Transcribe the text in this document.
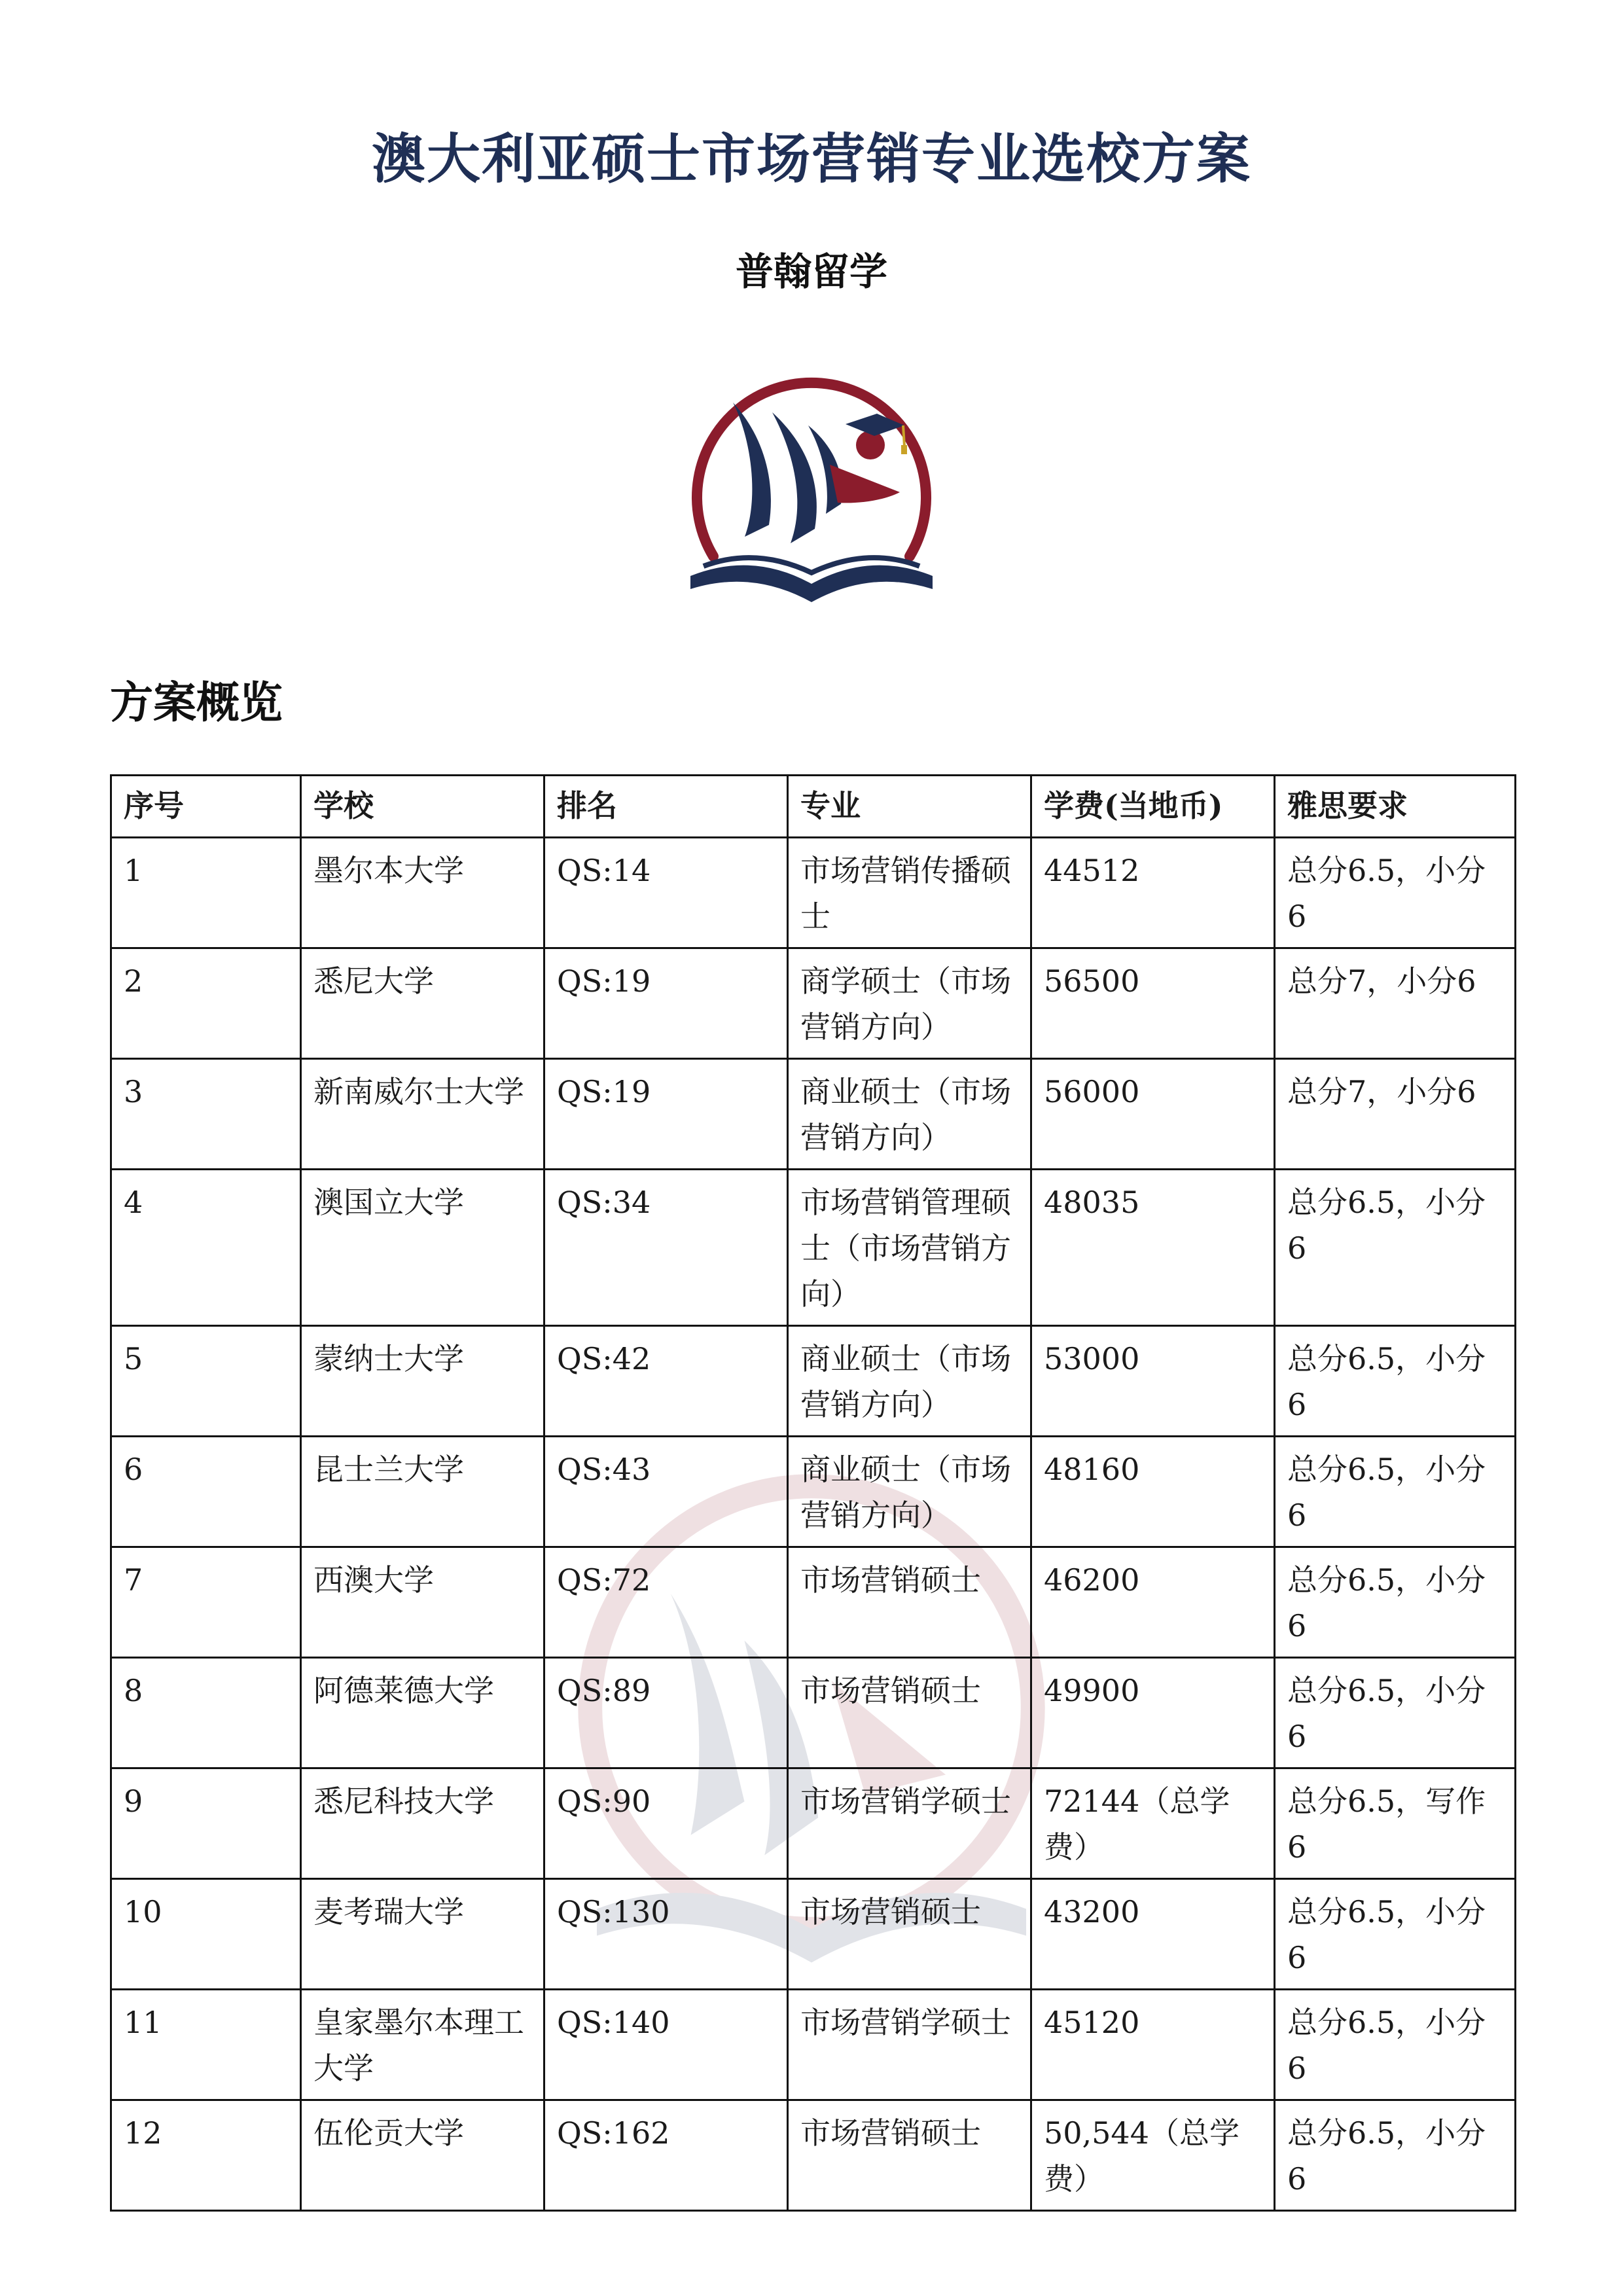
澳大利亚硕士市场营销专业选校方案
普翰留学
方案概览
序号	学校	排名	专业	学费(当地币)	雅思要求
1	墨尔本大学	QS:14	市场营销传播硕士	44512	总分6.5，小分6
2	悉尼大学	QS:19	商学硕士（市场营销方向）	56500	总分7，小分6
3	新南威尔士大学	QS:19	商业硕士（市场营销方向）	56000	总分7，小分6
4	澳国立大学	QS:34	市场营销管理硕士（市场营销方向）	48035	总分6.5，小分6
5	蒙纳士大学	QS:42	商业硕士（市场营销方向）	53000	总分6.5，小分6
6	昆士兰大学	QS:43	商业硕士（市场营销方向）	48160	总分6.5，小分6
7	西澳大学	QS:72	市场营销硕士	46200	总分6.5，小分6
8	阿德莱德大学	QS:89	市场营销硕士	49900	总分6.5，小分6
9	悉尼科技大学	QS:90	市场营销学硕士	72144（总学费）	总分6.5，写作6
10	麦考瑞大学	QS:130	市场营销硕士	43200	总分6.5，小分6
11	皇家墨尔本理工大学	QS:140	市场营销学硕士	45120	总分6.5，小分6
12	伍伦贡大学	QS:162	市场营销硕士	50,544（总学费）	总分6.5，小分6
